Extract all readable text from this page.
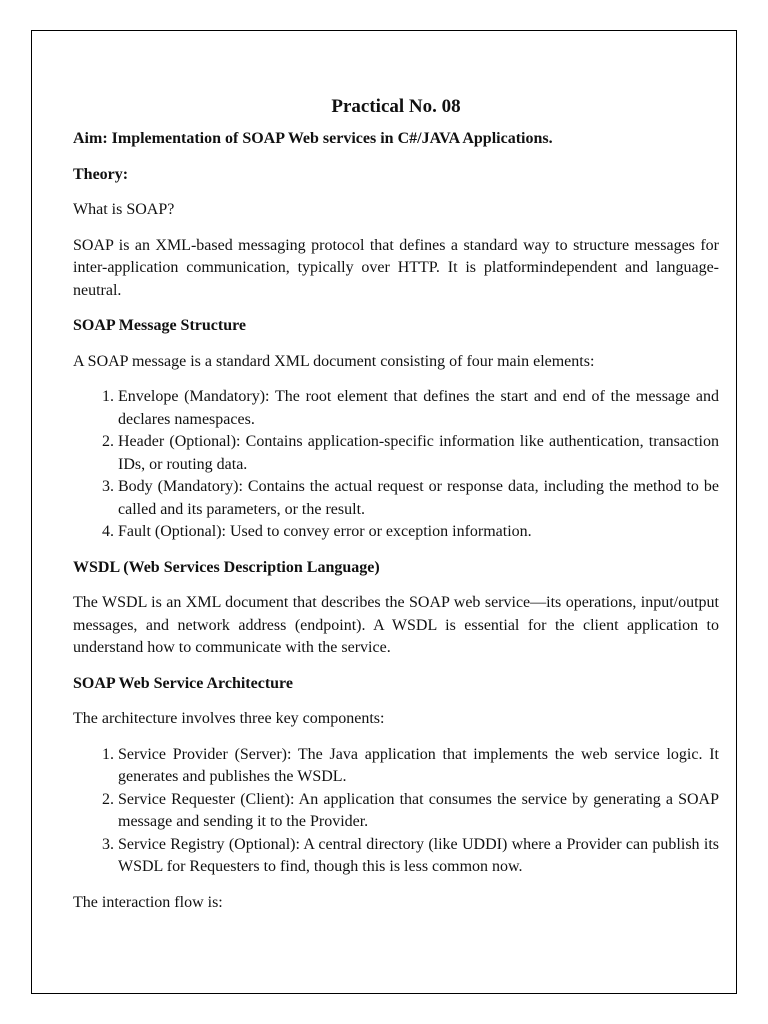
Practical No. 08

Aim: Implementation of SOAP Web services in C#/JAVA Applications.

Theory:

What is SOAP?

SOAP is an XML-based messaging protocol that defines a standard way to structure messages for inter-application communication, typically over HTTP. It is platformindependent and language-neutral.

SOAP Message Structure

A SOAP message is a standard XML document consisting of four main elements:

1. Envelope (Mandatory): The root element that defines the start and end of the message and declares namespaces.
2. Header (Optional): Contains application-specific information like authentication, transaction IDs, or routing data.
3. Body (Mandatory): Contains the actual request or response data, including the method to be called and its parameters, or the result.
4. Fault (Optional): Used to convey error or exception information.
WSDL (Web Services Description Language)

The WSDL is an XML document that describes the SOAP web service—its operations, input/output messages, and network address (endpoint). A WSDL is essential for the client application to understand how to communicate with the service.

SOAP Web Service Architecture

The architecture involves three key components:

1. Service Provider (Server): The Java application that implements the web service logic. It generates and publishes the WSDL.
2. Service Requester (Client): An application that consumes the service by generating a SOAP message and sending it to the Provider.
3. Service Registry (Optional): A central directory (like UDDI) where a Provider can publish its WSDL for Requesters to find, though this is less common now.

The interaction flow is:
